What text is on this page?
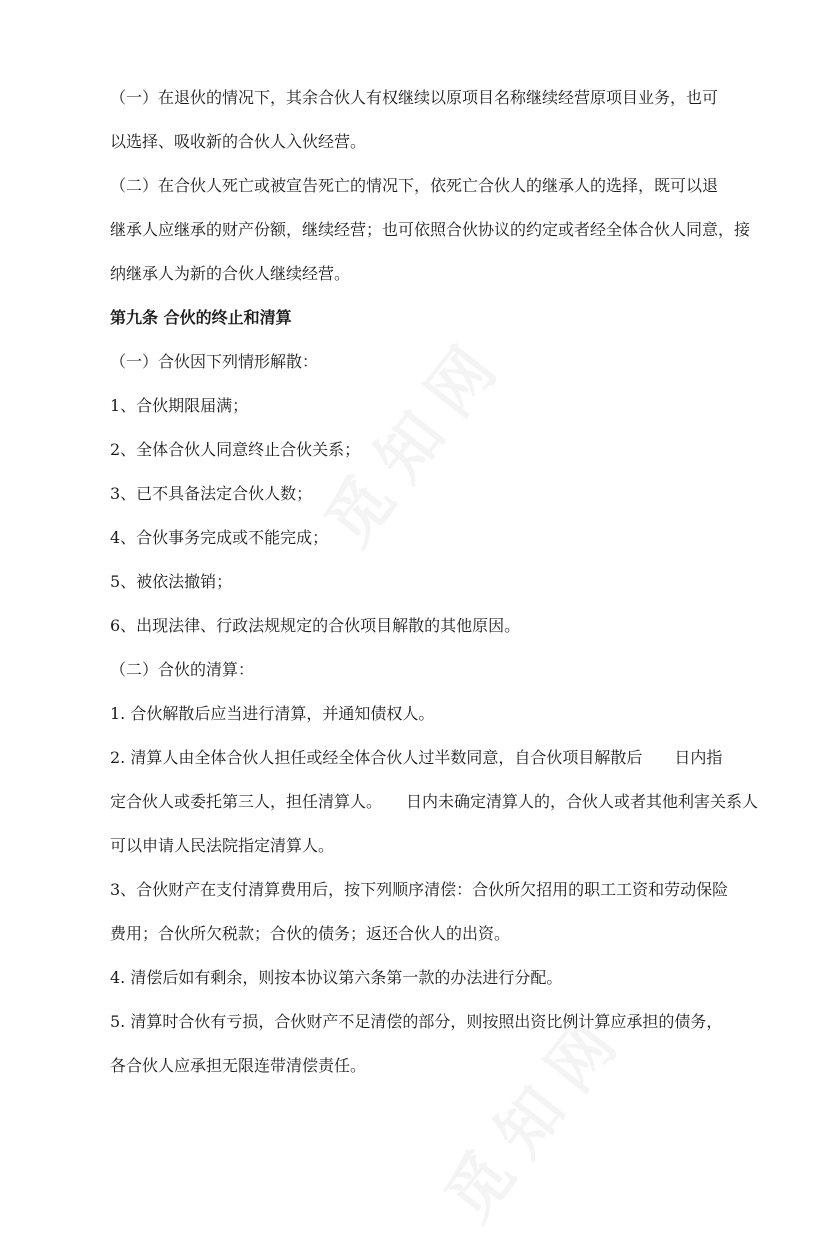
（一）在退伙的情况下，其余合伙人有权继续以原项目名称继续经营原项目业务，也可

以选择、吸收新的合伙人入伙经营。

（二）在合伙人死亡或被宣告死亡的情况下，依死亡合伙人的继承人的选择，既可以退

继承人应继承的财产份额，继续经营；也可依照合伙协议的约定或者经全体合伙人同意，接

纳继承人为新的合伙人继续经营。

第九条 合伙的终止和清算

（一）合伙因下列情形解散：

1、合伙期限届满；

2、全体合伙人同意终止合伙关系；

3、已不具备法定合伙人数；

4、合伙事务完成或不能完成；

5、被依法撤销；

6、出现法律、行政法规规定的合伙项目解散的其他原因。

（二）合伙的清算：

1. 合伙解散后应当进行清算，并通知债权人。

2. 清算人由全体合伙人担任或经全体合伙人过半数同意，自合伙项目解散后　　日内指

定合伙人或委托第三人，担任清算人。　　日内未确定清算人的，合伙人或者其他利害关系人

可以申请人民法院指定清算人。

3、合伙财产在支付清算费用后，按下列顺序清偿：合伙所欠招用的职工工资和劳动保险

费用；合伙所欠税款；合伙的债务；返还合伙人的出资。

4. 清偿后如有剩余，则按本协议第六条第一款的办法进行分配。

5. 清算时合伙有亏损，合伙财产不足清偿的部分，则按照出资比例计算应承担的债务，

各合伙人应承担无限连带清偿责任。
